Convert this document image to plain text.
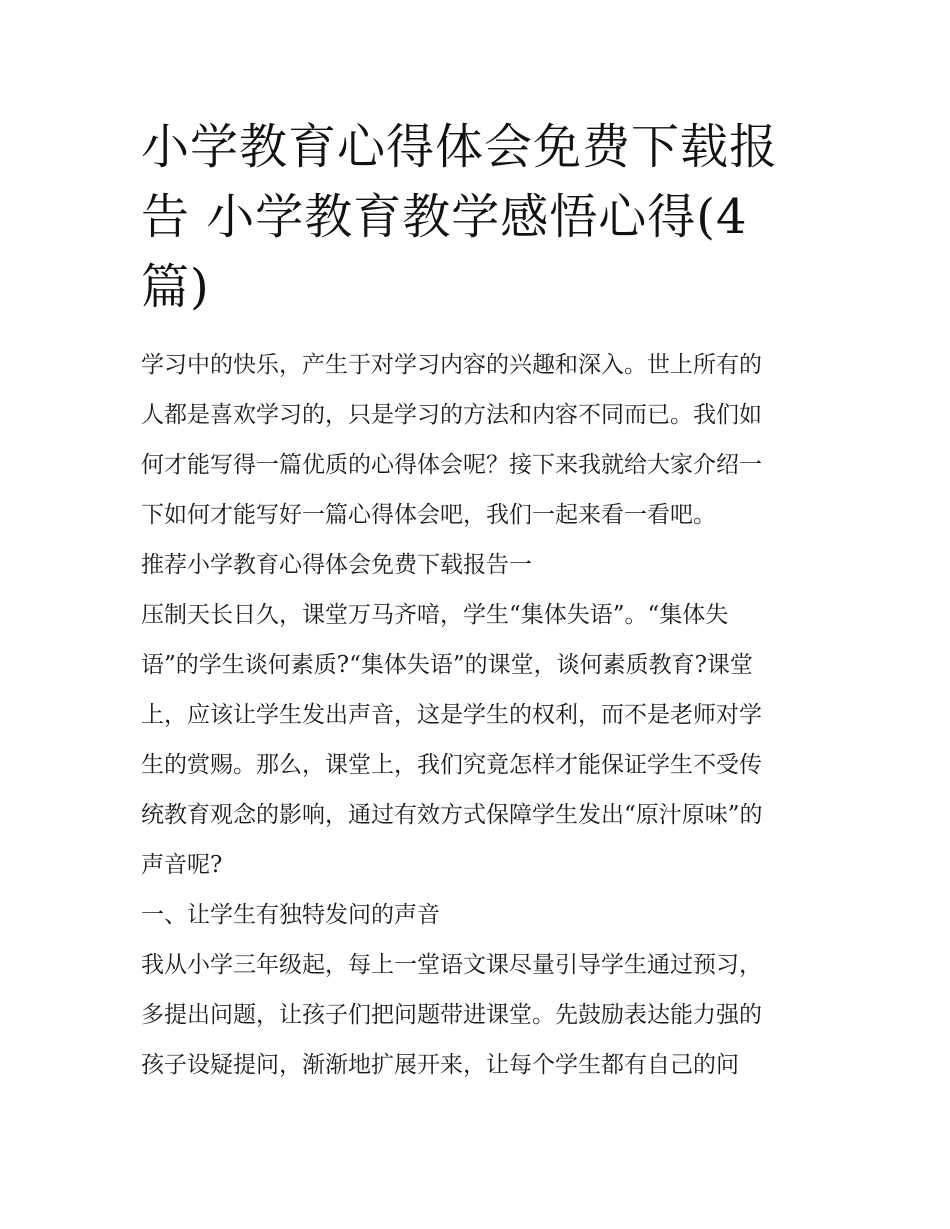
小学教育心得体会免费下载报
告 小学教育教学感悟心得(4
篇)
学习中的快乐，产生于对学习内容的兴趣和深入。世上所有的
人都是喜欢学习的，只是学习的方法和内容不同而已。我们如
何才能写得一篇优质的心得体会呢？接下来我就给大家介绍一
下如何才能写好一篇心得体会吧，我们一起来看一看吧。
推荐小学教育心得体会免费下载报告一
压制天长日久，课堂万马齐喑，学生“集体失语”。“集体失
语”的学生谈何素质?“集体失语”的课堂，谈何素质教育?课堂
上，应该让学生发出声音，这是学生的权利，而不是老师对学
生的赏赐。那么，课堂上，我们究竟怎样才能保证学生不受传
统教育观念的影响，通过有效方式保障学生发出“原汁原味”的
声音呢?
一、让学生有独特发问的声音
我从小学三年级起，每上一堂语文课尽量引导学生通过预习，
多提出问题，让孩子们把问题带进课堂。先鼓励表达能力强的
孩子设疑提问，渐渐地扩展开来，让每个学生都有自己的问
